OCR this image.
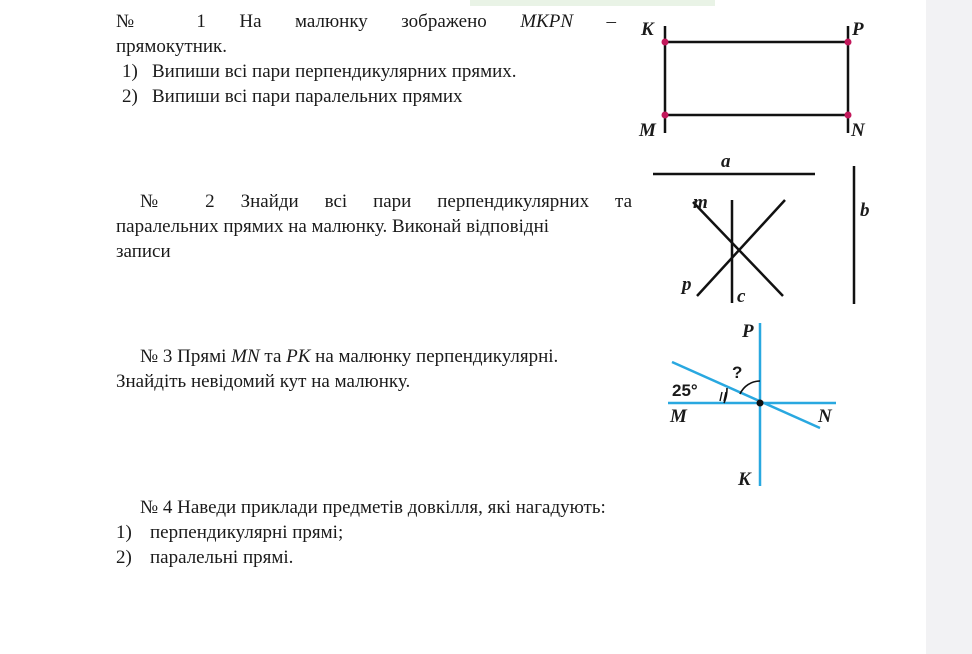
№ 1 На малюнку зображено MKPN –

прямокутник.

1) Випиши всі пари перпендикулярних прямих.

2) Випиши всі пари паралельних прямих

K	P
M	N

№ 2 Знайди всі пари перпендикулярних та

паралельних прямих на малюнку. Виконай відповідні

записи

a
b
m
p
c

№ 3 Прямі MN та PK на малюнку перпендикулярні.

Знайдіть невідомий кут на малюнку.

P
K
M	N
25°
?

№ 4 Наведи приклади предметів довкілля, які нагадують:

1) перпендикулярні прямі;

2) паралельні прямі.
